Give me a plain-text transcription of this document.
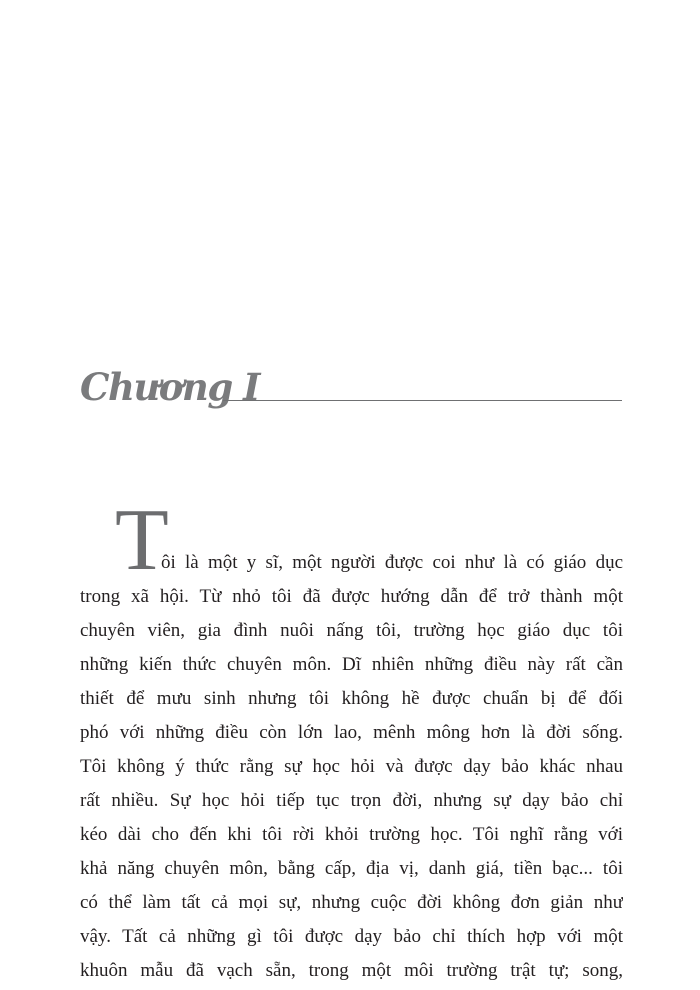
Chương I
T
ôi là một y sĩ, một người được coi như là có giáo dục
trong xã hội. Từ nhỏ tôi đã được hướng dẫn để trở thành một
chuyên viên, gia đình nuôi nấng tôi, trường học giáo dục tôi
những kiến thức chuyên môn. Dĩ nhiên những điều này rất cần
thiết để mưu sinh nhưng tôi không hề được chuẩn bị để đối
phó với những điều còn lớn lao, mênh mông hơn là đời sống.
Tôi không ý thức rằng sự học hỏi và được dạy bảo khác nhau
rất nhiều. Sự học hỏi tiếp tục trọn đời, nhưng sự dạy bảo chỉ
kéo dài cho đến khi tôi rời khỏi trường học. Tôi nghĩ rằng với
khả năng chuyên môn, bằng cấp, địa vị, danh giá, tiền bạc... tôi
có thể làm tất cả mọi sự, nhưng cuộc đời không đơn giản như
vậy. Tất cả những gì tôi được dạy bảo chỉ thích hợp với một
khuôn mẫu đã vạch sẵn, trong một môi trường trật tự; song,
